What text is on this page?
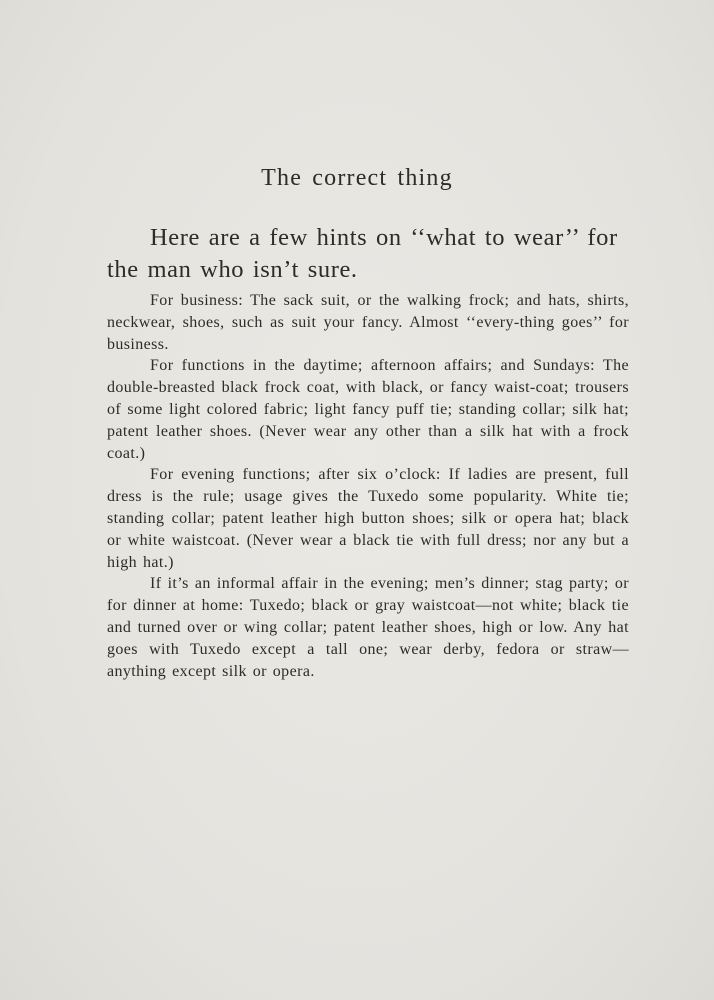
The correct thing
Here are a few hints on ‘‘what to wear’’ for the man who isn’t sure.

For business: The sack suit, or the walking frock; and hats, shirts, neckwear, shoes, such as suit your fancy. Almost ‘‘every-thing goes’’ for business.

For functions in the daytime; afternoon affairs; and Sundays: The double-breasted black frock coat, with black, or fancy waist-coat; trousers of some light colored fabric; light fancy puff tie; standing collar; silk hat; patent leather shoes. (Never wear any other than a silk hat with a frock coat.)

For evening functions; after six o’clock: If ladies are present, full dress is the rule; usage gives the Tuxedo some popularity. White tie; standing collar; patent leather high button shoes; silk or opera hat; black or white waistcoat. (Never wear a black tie with full dress; nor any but a high hat.)

If it’s an informal affair in the evening; men’s dinner; stag party; or for dinner at home: Tuxedo; black or gray waistcoat—not white; black tie and turned over or wing collar; patent leather shoes, high or low. Any hat goes with Tuxedo except a tall one; wear derby, fedora or straw—anything except silk or opera.
